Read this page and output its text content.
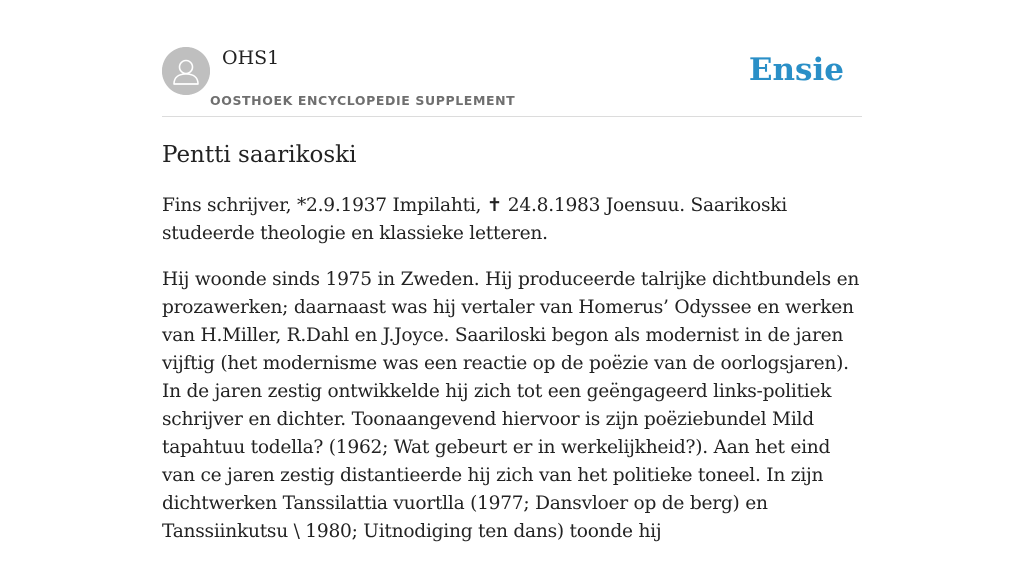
OHS1
OOSTHOEK ENCYCLOPEDIE SUPPLEMENT
Ensie
Pentti saarikoski

Fins schrijver, *2.9.1937 Impilahti, ✝ 24.8.1983 Joensuu. Saarikoski studeerde theologie en klassieke letteren.

Hij woonde sinds 1975 in Zweden. Hij produceerde talrijke dichtbundels en prozawerken; daarnaast was hij vertaler van Homerus’ Odyssee en werken van H.Miller, R.Dahl en J.Joyce. Saariloski begon als modernist in de jaren vijftig (het modernisme was een reactie op de poëzie van de oorlogsjaren). In de jaren zestig ontwikkelde hij zich tot een geëngageerd links-politiek schrijver en dichter. Toonaangevend hiervoor is zijn poëziebundel Mild tapahtuu todella? (1962; Wat gebeurt er in werkelijkheid?). Aan het eind van ce jaren zestig distantieerde hij zich van het politieke toneel. In zijn dichtwerken Tanssilattia vuortlla (1977; Dansvloer op de berg) en Tanssiinkutsu \ 1980; Uitnodiging ten dans) toonde hij
